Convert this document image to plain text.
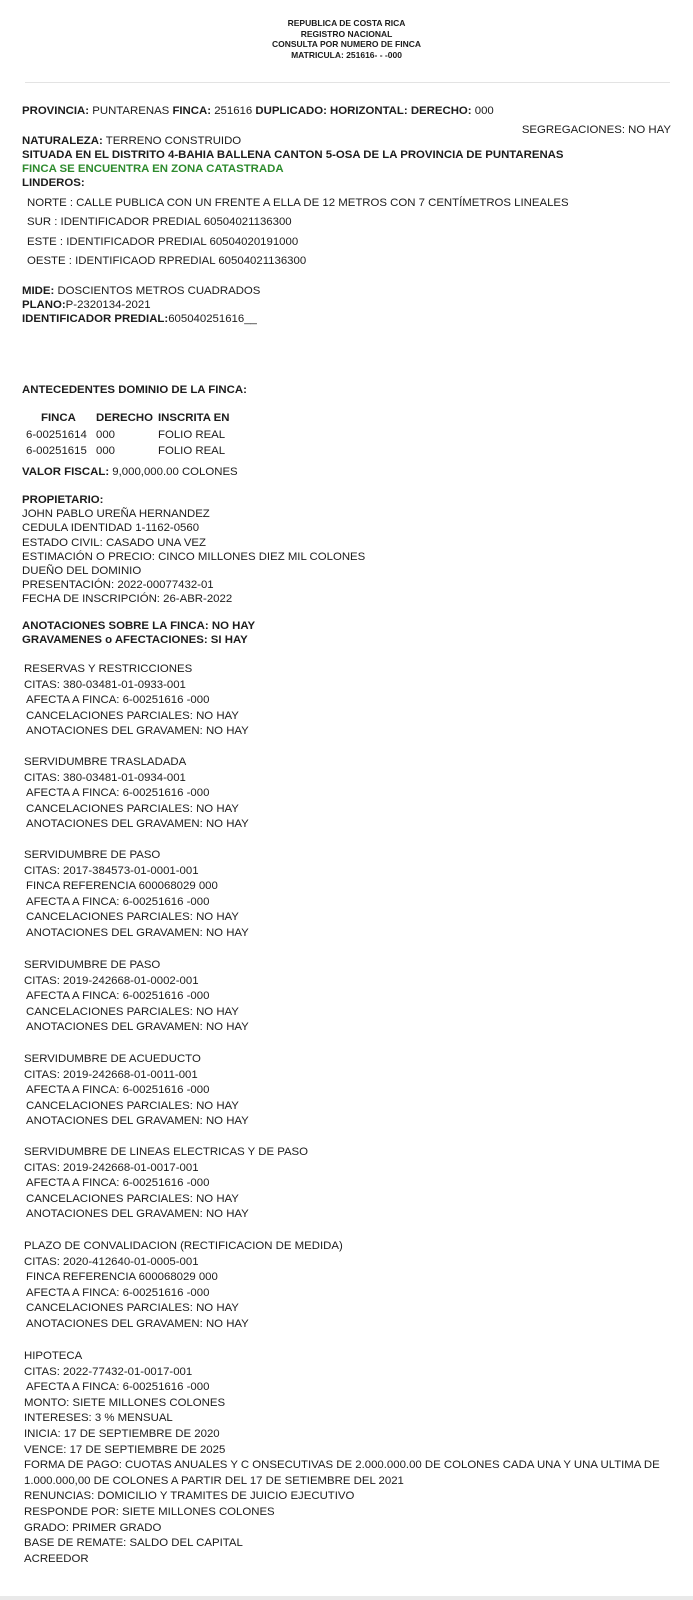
REPUBLICA DE COSTA RICA
REGISTRO NACIONAL
CONSULTA POR NUMERO DE FINCA
MATRICULA: 251616- - -000
PROVINCIA: PUNTARENAS FINCA: 251616 DUPLICADO: HORIZONTAL: DERECHO: 000
SEGREGACIONES: NO HAY
NATURALEZA: TERRENO CONSTRUIDO
SITUADA EN EL DISTRITO 4-BAHIA BALLENA CANTON 5-OSA DE LA PROVINCIA DE PUNTARENAS
FINCA SE ENCUENTRA EN ZONA CATASTRADA
LINDEROS:
NORTE : CALLE PUBLICA CON UN FRENTE A ELLA DE 12 METROS CON 7 CENTÍMETROS LINEALES
SUR : IDENTIFICADOR PREDIAL 60504021136300
ESTE : IDENTIFICADOR PREDIAL 60504020191000
OESTE : IDENTIFICAOD RPREDIAL 60504021136300
MIDE: DOSCIENTOS METROS CUADRADOS
PLANO:P-2320134-2021
IDENTIFICADOR PREDIAL:605040251616__
ANTECEDENTES DOMINIO DE LA FINCA:
FINCA	DERECHO INSCRITA EN
6-00251614 000	FOLIO REAL
6-00251615 000	FOLIO REAL
VALOR FISCAL: 9,000,000.00 COLONES
PROPIETARIO:
JOHN PABLO UREÑA HERNANDEZ
CEDULA IDENTIDAD 1-1162-0560
ESTADO CIVIL: CASADO UNA VEZ
ESTIMACIÓN O PRECIO: CINCO MILLONES DIEZ MIL COLONES
DUEÑO DEL DOMINIO
PRESENTACIÓN: 2022-00077432-01
FECHA DE INSCRIPCIÓN: 26-ABR-2022
ANOTACIONES SOBRE LA FINCA: NO HAY
GRAVAMENES o AFECTACIONES: SI HAY
RESERVAS Y RESTRICCIONES
CITAS: 380-03481-01-0933-001
AFECTA A FINCA: 6-00251616 -000
CANCELACIONES PARCIALES: NO HAY
ANOTACIONES DEL GRAVAMEN: NO HAY
SERVIDUMBRE TRASLADADA
CITAS: 380-03481-01-0934-001
AFECTA A FINCA: 6-00251616 -000
CANCELACIONES PARCIALES: NO HAY
ANOTACIONES DEL GRAVAMEN: NO HAY
SERVIDUMBRE DE PASO
CITAS: 2017-384573-01-0001-001
FINCA REFERENCIA 600068029 000
AFECTA A FINCA: 6-00251616 -000
CANCELACIONES PARCIALES: NO HAY
ANOTACIONES DEL GRAVAMEN: NO HAY
SERVIDUMBRE DE PASO
CITAS: 2019-242668-01-0002-001
AFECTA A FINCA: 6-00251616 -000
CANCELACIONES PARCIALES: NO HAY
ANOTACIONES DEL GRAVAMEN: NO HAY
SERVIDUMBRE DE ACUEDUCTO
CITAS: 2019-242668-01-0011-001
AFECTA A FINCA: 6-00251616 -000
CANCELACIONES PARCIALES: NO HAY
ANOTACIONES DEL GRAVAMEN: NO HAY
SERVIDUMBRE DE LINEAS ELECTRICAS Y DE PASO
CITAS: 2019-242668-01-0017-001
AFECTA A FINCA: 6-00251616 -000
CANCELACIONES PARCIALES: NO HAY
ANOTACIONES DEL GRAVAMEN: NO HAY
PLAZO DE CONVALIDACION (RECTIFICACION DE MEDIDA)
CITAS: 2020-412640-01-0005-001
FINCA REFERENCIA 600068029 000
AFECTA A FINCA: 6-00251616 -000
CANCELACIONES PARCIALES: NO HAY
ANOTACIONES DEL GRAVAMEN: NO HAY
HIPOTECA
CITAS: 2022-77432-01-0017-001
AFECTA A FINCA: 6-00251616 -000
MONTO: SIETE MILLONES COLONES
INTERESES: 3 % MENSUAL
INICIA: 17 DE SEPTIEMBRE DE 2020
VENCE: 17 DE SEPTIEMBRE DE 2025
FORMA DE PAGO: CUOTAS ANUALES Y C ONSECUTIVAS DE 2.000.000.00 DE COLONES CADA UNA Y UNA ULTIMA DE 1.000.000,00 DE COLONES A PARTIR DEL 17 DE SETIEMBRE DEL 2021
RENUNCIAS: DOMICILIO Y TRAMITES DE JUICIO EJECUTIVO
RESPONDE POR: SIETE MILLONES COLONES
GRADO: PRIMER GRADO
BASE DE REMATE: SALDO DEL CAPITAL
ACREEDOR
